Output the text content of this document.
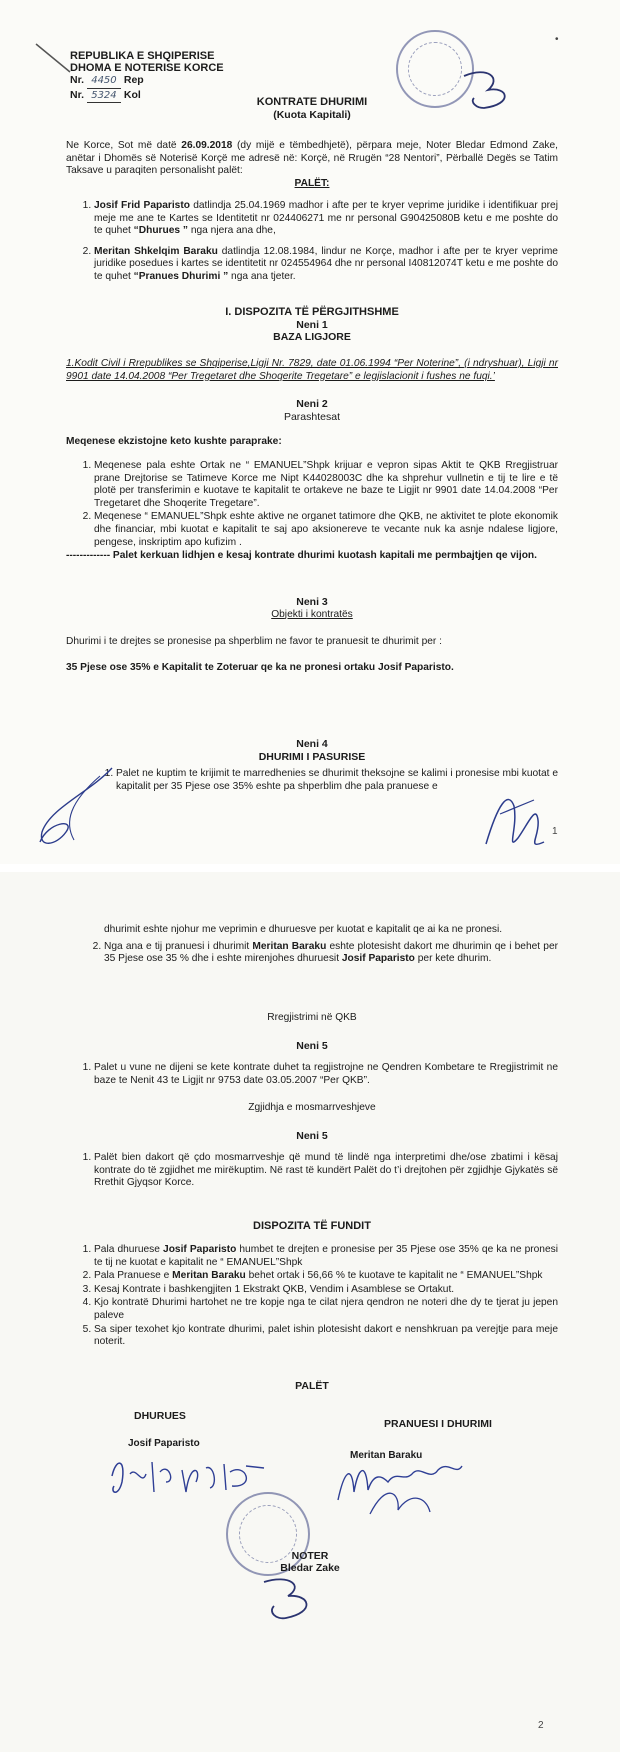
REPUBLIKA E SHQIPERISE
DHOMA E NOTERISE KORCE
Nr. 4450 Rep
Nr. 5324 Kol
•
KONTRATE DHURIMI
(Kuota Kapitali)
Ne Korce, Sot më datë 26.09.2018 (dy mijë e tëmbedhjetë), përpara meje, Noter Bledar Edmond Zake, anëtar i Dhomës së Noterisë Korçë me adresë në: Korçë, në Rrugën “28 Nentori”, Përballë Degës se Tatim Taksave u paraqiten personalisht palët:
PALËT:
1. Josif Frid Paparisto datlindja 25.04.1969 madhor i afte per te kryer veprime juridike i identifikuar prej meje me ane te Kartes se Identitetit nr 024406271 me nr personal G90425080B ketu e me poshte do te quhet “Dhurues ” nga njera ana dhe,
2. Meritan Shkelqim Baraku datlindja 12.08.1984, lindur ne Korçe, madhor i afte per te kryer veprime juridike posedues i kartes se identitetit nr 024554964 dhe nr personal I40812074T ketu e me poshte do te quhet “Pranues Dhurimi ” nga ana tjeter.
I. DISPOZITA TË PËRGJITHSHME
Neni 1
BAZA LIGJORE
1.Kodit Civil i Rrepublikes se Shqiperise,Ligji Nr. 7829, date 01.06.1994 “Per Noterine”, (i ndryshuar), Ligji nr 9901 date 14.04.2008 “Per Tregetaret dhe Shoqerite Tregetare” e legjislacionit i fushes ne fuqi.’
Neni 2
Parashtesat
Meqenese ekzistojne keto kushte paraprake:
1. Meqenese pala eshte Ortak ne “ EMANUEL”Shpk krijuar e vepron sipas Aktit te QKB Rregjistruar prane Drejtorise se Tatimeve Korce me Nipt K44028003C dhe ka shprehur vullnetin e tij te lire e të plotë per transferimin e kuotave te kapitalit te ortakeve ne baze te Ligjit nr 9901 date 14.04.2008 “Per Tregetaret dhe Shoqerite Tregetare”.
2. Meqenese “ EMANUEL”Shpk eshte aktive ne organet tatimore dhe QKB, ne aktivitet te plote ekonomik dhe financiar, mbi kuotat e kapitalit te saj apo aksionereve te vecante nuk ka asnje ndalese ligjore, pengese, inskriptim apo kufizim .
------------- Palet kerkuan lidhjen e kesaj kontrate dhurimi kuotash kapitali me permbajtjen qe vijon.
Neni 3
Objekti i kontratës
Dhurimi i te drejtes se pronesise pa shperblim ne favor te pranuesit te dhurimit per :
35 Pjese ose 35% e Kapitalit te Zoteruar qe ka ne pronesi ortaku Josif Paparisto.
Neni 4
DHURIMI I PASURISE
1. Palet ne kuptim te krijimit te marredhenies se dhurimit theksojne se kalimi i pronesise mbi kuotat e kapitalit per 35 Pjese ose 35% eshte pa shperblim dhe pala pranuese e
1
dhurimit eshte njohur me veprimin e dhuruesve per kuotat e kapitalit qe ai ka ne pronesi.
2. Nga ana e tij pranuesi i dhurimit Meritan Baraku eshte plotesisht dakort me dhurimin qe i behet per 35 Pjese ose 35 % dhe i eshte mirenjohes dhuruesit Josif Paparisto per kete dhurim.
Rregjistrimi në QKB
Neni 5
1. Palet u vune ne dijeni se kete kontrate duhet ta regjistrojne ne Qendren Kombetare te Rregjistrimit ne baze te Nenit 43 te Ligjit nr 9753 date 03.05.2007 “Per QKB”.
Zgjidhja e mosmarrveshjeve
Neni 5
1. Palët bien dakort që çdo mosmarrveshje që mund të lindë nga interpretimi dhe/ose zbatimi i kësaj kontrate do të zgjidhet me mirëkuptim. Në rast të kundërt Palët do t’i drejtohen për zgjidhje Gjykatës së Rrethit Gjyqsor Korce.
DISPOZITA TË FUNDIT
1. Pala dhuruese Josif Paparisto humbet te drejten e pronesise per 35 Pjese ose 35% qe ka ne pronesi te tij ne kuotat e kapitalit ne “ EMANUEL”Shpk
2. Pala Pranuese e Meritan Baraku behet ortak i 56,66 % te kuotave te kapitalit ne “ EMANUEL”Shpk
3. Kesaj Kontrate i bashkengjiten 1 Ekstrakt QKB, Vendim i Asamblese se Ortakut.
4. Kjo kontratë Dhurimi hartohet ne tre kopje nga te cilat njera qendron ne noteri dhe dy te tjerat ju jepen paleve
5. Sa siper texohet kjo kontrate dhurimi, palet ishin plotesisht dakort e nenshkruan pa verejtje para meje noterit.
PALËT
DHURUES
PRANUESI I DHURIMI
Josif Paparisto
Meritan Baraku
NOTER
Bledar Zake
2
